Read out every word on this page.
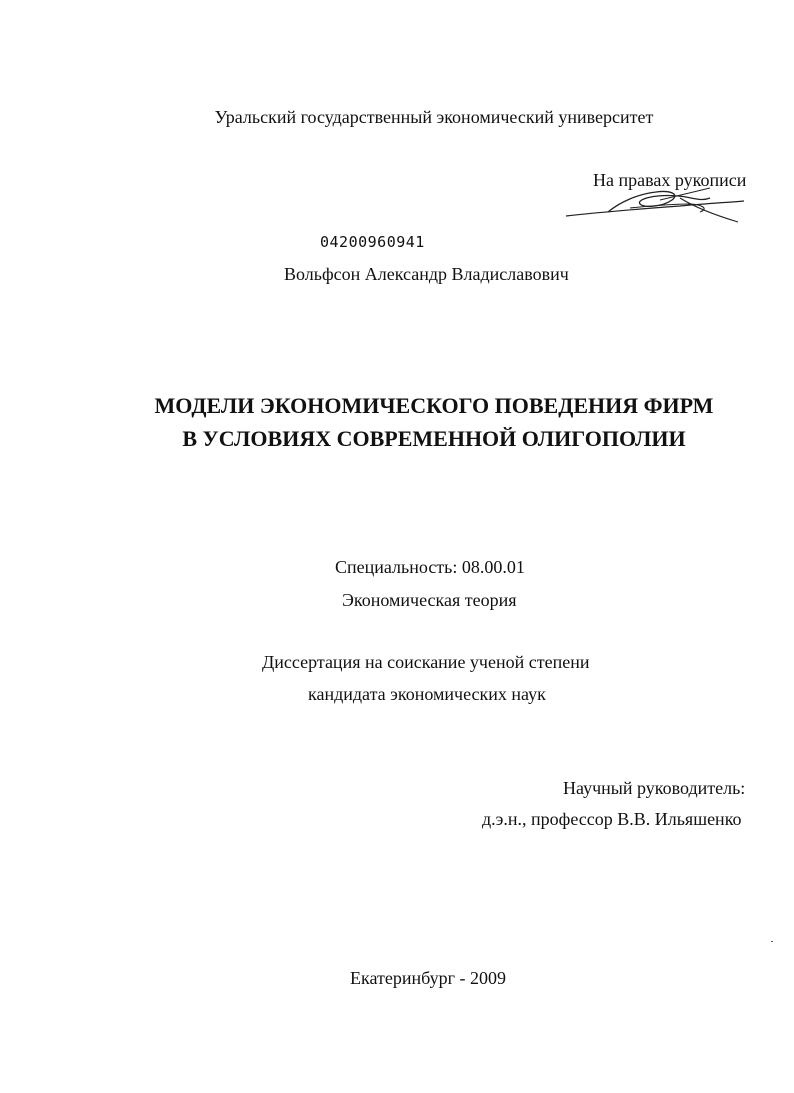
Уральский государственный экономический университет
На правах рукописи
04200960941
Вольфсон Александр Владиславович
МОДЕЛИ ЭКОНОМИЧЕСКОГО ПОВЕДЕНИЯ ФИРМ
В УСЛОВИЯХ СОВРЕМЕННОЙ ОЛИГОПОЛИИ
Специальность: 08.00.01
Экономическая теория
Диссертация на соискание ученой степени
кандидата экономических наук
Научный руководитель:
д.э.н., профессор В.В. Ильяшенко
Екатеринбург - 2009
